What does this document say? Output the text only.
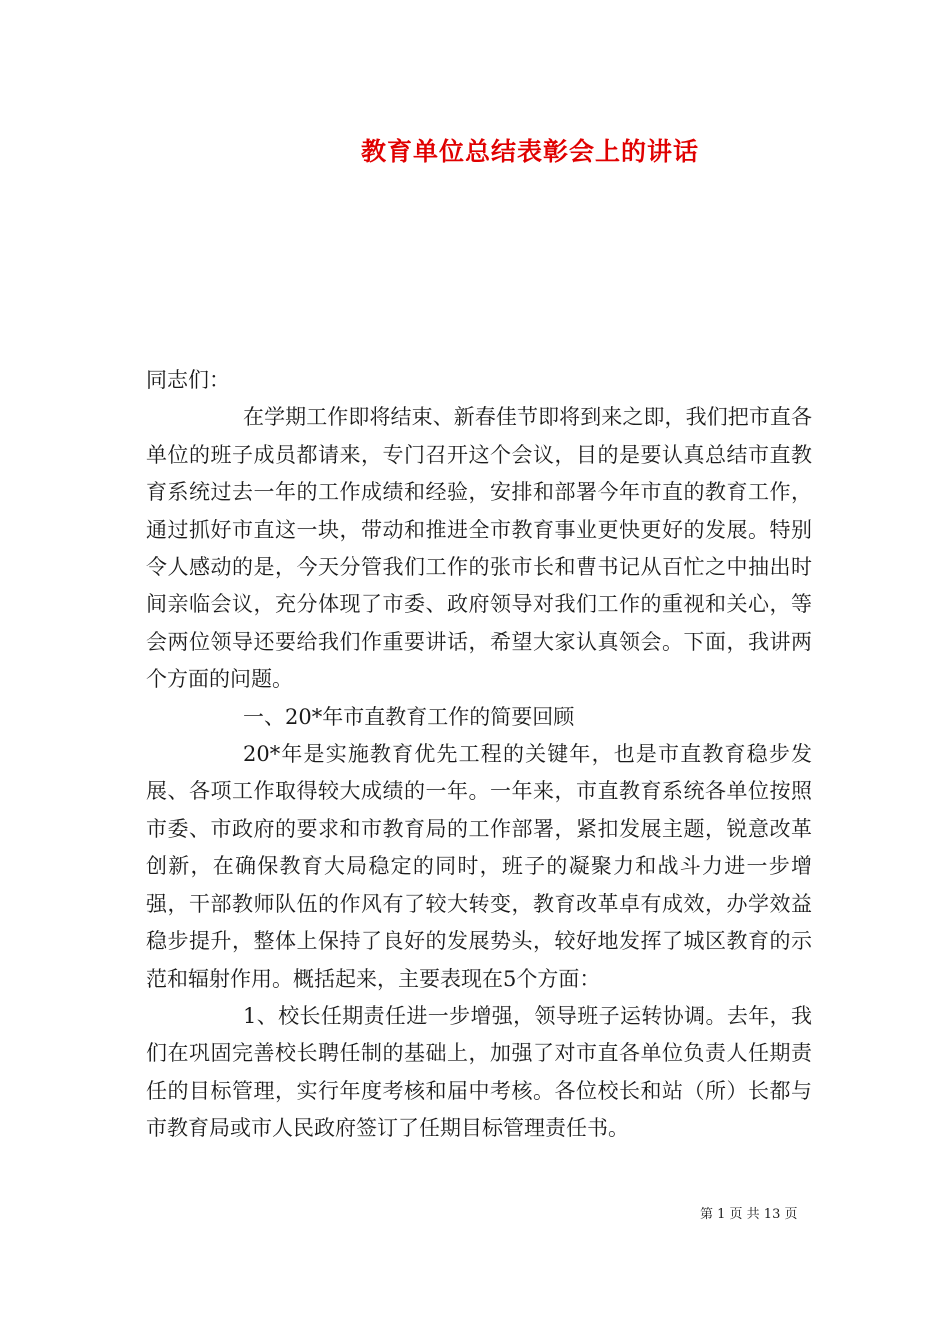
教育单位总结表彰会上的讲话

同志们：

在学期工作即将结束、新春佳节即将到来之即，我们把市直各单位的班子成员都请来，专门召开这个会议，目的是要认真总结市直教育系统过去一年的工作成绩和经验，安排和部署今年市直的教育工作，通过抓好市直这一块，带动和推进全市教育事业更快更好的发展。特别令人感动的是，今天分管我们工作的张市长和曹书记从百忙之中抽出时间亲临会议，充分体现了市委、政府领导对我们工作的重视和关心，等会两位领导还要给我们作重要讲话，希望大家认真领会。下面，我讲两个方面的问题。

一、20*年市直教育工作的简要回顾

20*年是实施教育优先工程的关键年，也是市直教育稳步发展、各项工作取得较大成绩的一年。一年来，市直教育系统各单位按照市委、市政府的要求和市教育局的工作部署，紧扣发展主题，锐意改革创新，在确保教育大局稳定的同时，班子的凝聚力和战斗力进一步增强，干部教师队伍的作风有了较大转变，教育改革卓有成效，办学效益稳步提升，整体上保持了良好的发展势头，较好地发挥了城区教育的示范和辐射作用。概括起来，主要表现在5个方面：

1、校长任期责任进一步增强，领导班子运转协调。去年，我们在巩固完善校长聘任制的基础上，加强了对市直各单位负责人任期责任的目标管理，实行年度考核和届中考核。各位校长和站（所）长都与市教育局或市人民政府签订了任期目标管理责任书。

第 1 页 共 13 页
